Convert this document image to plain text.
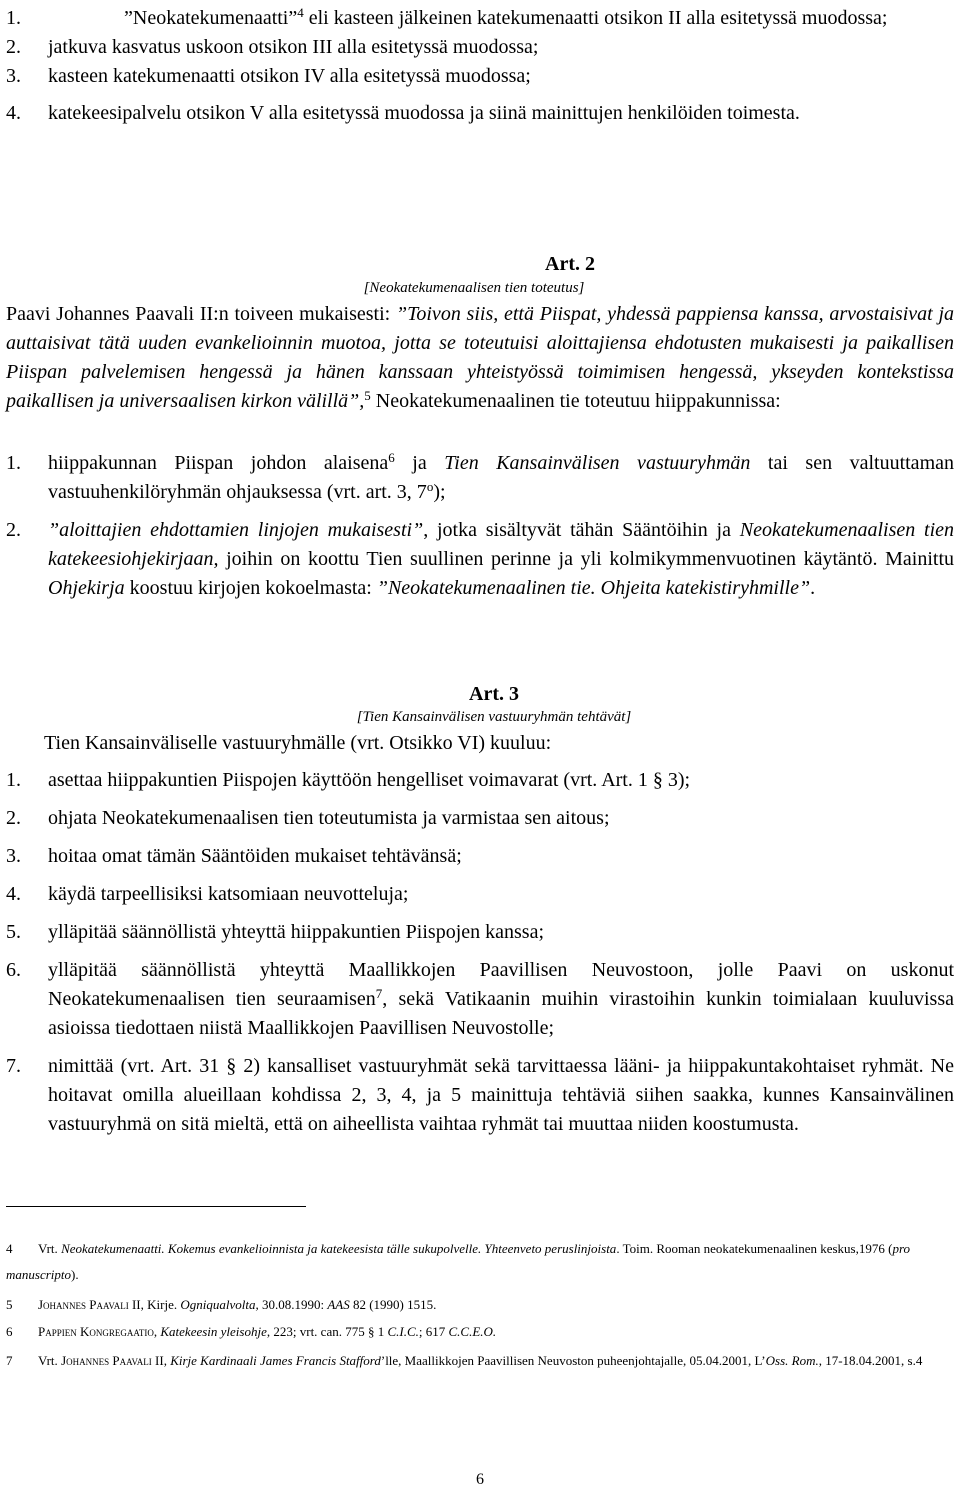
1.	”Neokatekumenaatti”$^4$ eli kasteen jälkeinen katekumenaatti otsikon II alla esitetyssä muodossa;
2. jatkuva kasvatus uskoon otsikon III alla esitetyssä muodossa;
3. kasteen katekumenaatti otsikon IV alla esitetyssä muodossa;
4. katekeesipalvelu otsikon V alla esitetyssä muodossa ja siinä mainittujen henkilöiden toimesta.
Art. 2
[Neokatekumenaalisen tien toteutus]

Paavi Johannes Paavali II:n toiveen mukaisesti: ”Toivon siis, että Piispat, yhdessä pappiensa kanssa, arvostaisivat ja auttaisivat tätä uuden evankelioinnin muotoa, jotta se toteutuisi aloittajiensa ehdotusten mukaisesti ja paikallisen Piispan palvelemisen hengessä ja hänen kanssaan yhteistyössä toimimisen hengessä, ykseyden kontekstissa paikallisen ja universaalisen kirkon välillä”,$^5$ Neokatekumenaalinen tie toteutuu hiippakunnissa:

1. hiippakunnan Piispan johdon alaisena$^6$ ja Tien Kansainvälisen vastuuryhmän tai sen valtuuttaman vastuuhenkilöryhmän ohjauksessa (vrt. art. 3, 7$^o$);
2. ”aloittajien ehdottamien linjojen mukaisesti”, jotka sisältyvät tähän Sääntöihin ja Neokatekumenaalisen tien katekeesiohjekirjaan, joihin on koottu Tien suullinen perinne ja yli kolmikymmenvuotinen käytäntö. Mainittu Ohjekirja koostuu kirjojen kokoelmasta: ”Neokatekumenaalinen tie. Ohjeita katekistiryhmille”.
Art. 3
[Tien Kansainvälisen vastuuryhmän tehtävät]

Tien Kansainväliselle vastuuryhmälle (vrt. Otsikko VI) kuuluu:

1. asettaa hiippakuntien Piispojen käyttöön hengelliset voimavarat (vrt. Art. 1 § 3);
2. ohjata Neokatekumenaalisen tien toteutumista ja varmistaa sen aitous;
3. hoitaa omat tämän Sääntöiden mukaiset tehtävänsä;
4. käydä tarpeellisiksi katsomiaan neuvotteluja;
5. ylläpitää säännöllistä yhteyttä hiippakuntien Piispojen kanssa;
6. ylläpitää säännöllistä yhteyttä Maallikkojen Paavillisen Neuvostoon, jolle Paavi on uskonut Neokatekumenaalisen tien seuraamisen$^7$, sekä Vatikaanin muihin virastoihin kunkin toimialaan kuuluvissa asioissa tiedottaen niistä Maallikkojen Paavillisen Neuvostolle;
7. nimittää (vrt. Art. 31 § 2) kansalliset vastuuryhmät sekä tarvittaessa lääni- ja hiippakuntakohtaiset ryhmät. Ne hoitavat omilla alueillaan kohdissa 2, 3, 4, ja 5 mainittuja tehtäviä siihen saakka, kunnes Kansainvälinen vastuuryhmä on sitä mieltä, että on aiheellista vaihtaa ryhmät tai muuttaa niiden koostumusta.
4 Vrt. Neokatekumenaatti. Kokemus evankelioinnista ja katekeesista tälle sukupolvelle. Yhteenveto peruslinjoista. Toim. Rooman neokatekumenaalinen keskus,1976 (pro manuscripto).
5 Johannes Paavali II, Kirje. Ogniqualvolta, 30.08.1990: AAS 82 (1990) 1515.
6 Pappien Kongregaatio, Katekeesin yleisohje, 223; vrt. can. 775 § 1 C.I.C.; 617 C.C.E.O.
7 Vrt. Johannes Paavali II, Kirje Kardinaali James Francis Stafford’lle, Maallikkojen Paavillisen Neuvoston puheenjohtajalle, 05.04.2001, L’Oss. Rom., 17-18.04.2001, s.4
6
